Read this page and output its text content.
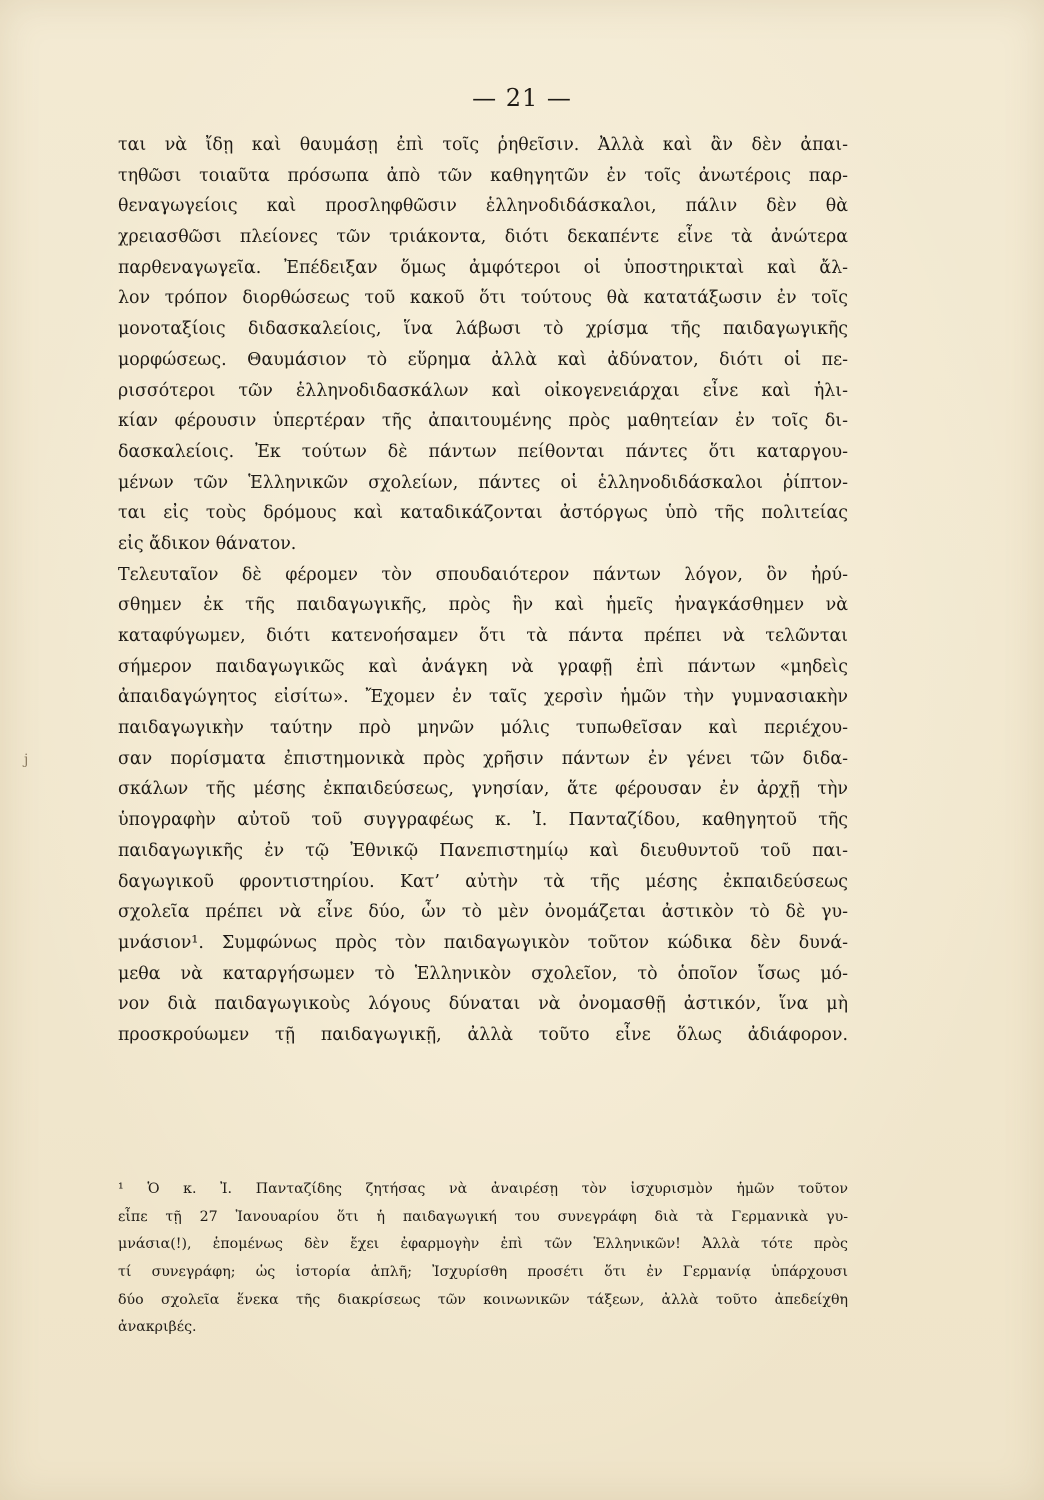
— 21 —
j
ται νὰ ἴδῃ καὶ θαυμάσῃ ἐπὶ τοῖς ῥηθεῖσιν. Ἀλλὰ καὶ ἂν δὲν ἀπαι-
τηθῶσι τοιαῦτα πρόσωπα ἀπὸ τῶν καθηγητῶν ἐν τοῖς ἀνωτέροις παρ-
θεναγωγείοις καὶ προσληφθῶσιν ἑλληνοδιδάσκαλοι, πάλιν δὲν θὰ
χρειασθῶσι πλείονες τῶν τριάκοντα, διότι δεκαπέντε εἶνε τὰ ἀνώτερα
παρθεναγωγεῖα. Ἐπέδειξαν ὅμως ἀμφότεροι οἱ ὑποστηρικταὶ καὶ ἄλ-
λον τρόπον διορθώσεως τοῦ κακοῦ ὅτι τούτους θὰ κατατάξωσιν ἐν τοῖς
μονοταξίοις διδασκαλείοις, ἵνα λάβωσι τὸ χρίσμα τῆς παιδαγωγικῆς
μορφώσεως. Θαυμάσιον τὸ εὕρημα ἀλλὰ καὶ ἀδύνατον, διότι οἱ πε-
ρισσότεροι τῶν ἑλληνοδιδασκάλων καὶ οἰκογενειάρχαι εἶνε καὶ ἡλι-
κίαν φέρουσιν ὑπερτέραν τῆς ἀπαιτουμένης πρὸς μαθητείαν ἐν τοῖς δι-
δασκαλείοις. Ἐκ τούτων δὲ πάντων πείθονται πάντες ὅτι καταργου-
μένων τῶν Ἑλληνικῶν σχολείων, πάντες οἱ ἑλληνοδιδάσκαλοι ῥίπτον-
ται εἰς τοὺς δρόμους καὶ καταδικάζονται ἀστόργως ὑπὸ τῆς πολιτείας
εἰς ἄδικον θάνατον.
Τελευταῖον δὲ φέρομεν τὸν σπουδαιότερον πάντων λόγον, ὃν ἠρύ-
σθημεν ἐκ τῆς παιδαγωγικῆς, πρὸς ἣν καὶ ἡμεῖς ἠναγκάσθημεν νὰ
καταφύγωμεν, διότι κατενοήσαμεν ὅτι τὰ πάντα πρέπει νὰ τελῶνται
σήμερον παιδαγωγικῶς καὶ ἀνάγκη νὰ γραφῇ ἐπὶ πάντων «μηδεὶς
ἀπαιδαγώγητος εἰσίτω». Ἔχομεν ἐν ταῖς χερσὶν ἡμῶν τὴν γυμνασιακὴν
παιδαγωγικὴν ταύτην πρὸ μηνῶν μόλις τυπωθεῖσαν καὶ περιέχου-
σαν πορίσματα ἐπιστημονικὰ πρὸς χρῆσιν πάντων ἐν γένει τῶν διδα-
σκάλων τῆς μέσης ἐκπαιδεύσεως, γνησίαν, ἅτε φέρουσαν ἐν ἀρχῇ τὴν
ὑπογραφὴν αὐτοῦ τοῦ συγγραφέως κ. Ἰ. Πανταζίδου, καθηγητοῦ τῆς
παιδαγωγικῆς ἐν τῷ Ἐθνικῷ Πανεπιστημίῳ καὶ διευθυντοῦ τοῦ παι-
δαγωγικοῦ φροντιστηρίου. Κατ’ αὐτὴν τὰ τῆς μέσης ἐκπαιδεύσεως
σχολεῖα πρέπει νὰ εἶνε δύο, ὧν τὸ μὲν ὀνομάζεται ἀστικὸν τὸ δὲ γυ-
μνάσιον¹. Συμφώνως πρὸς τὸν παιδαγωγικὸν τοῦτον κώδικα δὲν δυνά-
μεθα νὰ καταργήσωμεν τὸ Ἑλληνικὸν σχολεῖον, τὸ ὁποῖον ἴσως μό-
νον διὰ παιδαγωγικοὺς λόγους δύναται νὰ ὀνομασθῇ ἀστικόν, ἵνα μὴ
προσκρούωμεν τῇ παιδαγωγικῇ, ἀλλὰ τοῦτο εἶνε ὅλως ἀδιάφορον.
¹ Ὁ κ. Ἰ. Πανταζίδης ζητήσας νὰ ἀναιρέσῃ τὸν ἰσχυρισμὸν ἡμῶν τοῦτον
εἶπε τῇ 27 Ἰανουαρίου ὅτι ἡ παιδαγωγική του συνεγράφη διὰ τὰ Γερμανικὰ γυ-
μνάσια(!), ἑπομένως δὲν ἔχει ἐφαρμογὴν ἐπὶ τῶν Ἑλληνικῶν! Ἀλλὰ τότε πρὸς
τί συνεγράφη; ὡς ἱστορία ἁπλῆ; Ἰσχυρίσθη προσέτι ὅτι ἐν Γερμανίᾳ ὑπάρχουσι
δύο σχολεῖα ἕνεκα τῆς διακρίσεως τῶν κοινωνικῶν τάξεων, ἀλλὰ τοῦτο ἀπεδείχθη
ἀνακριβές.
